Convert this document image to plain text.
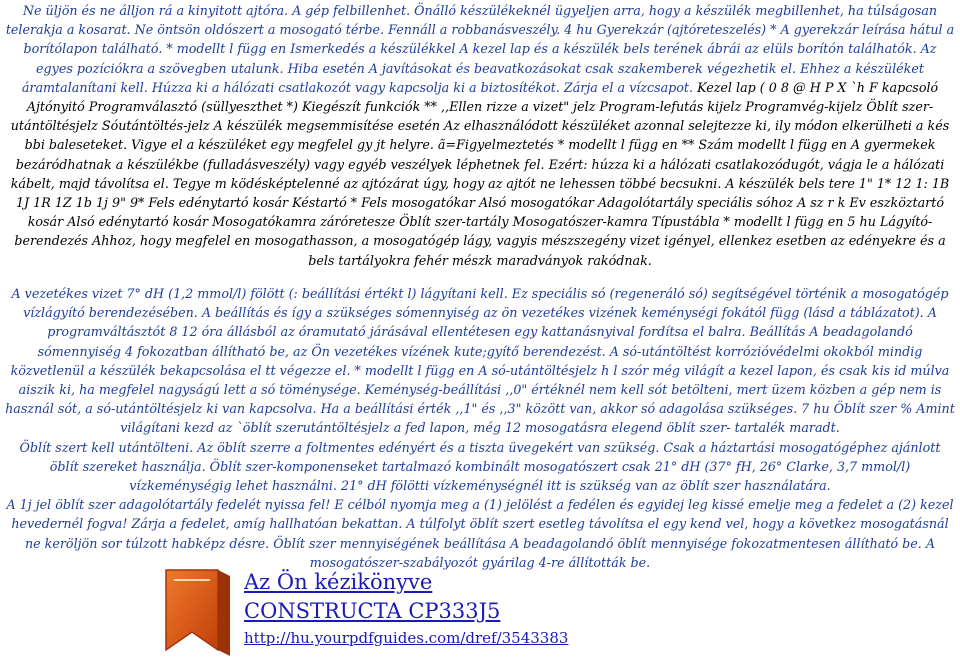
Ne üljön és ne álljon rá a kinyitott ajtóra. A gép felbillenhet. Önálló készülékeknél ügyeljen arra, hogy a készülék megbillenhet, ha túlságosan telerakja a kosarat. Ne öntsön oldószert a mosogató térbe. Fennáll a robbanásveszély. 4 hu Gyerekzár (ajtóreteszelés) * A gyerekzár leírása hátul a borítólapon található. * modellt l függ en Ismerkedés a készülékkel A kezel lap és a készülék bels terének ábrái az elüls borítón találhatók. Az egyes pozíciókra a szövegben utalunk. Hiba esetén A javításokat és beavatkozásokat csak szakemberek végezhetik el. Ehhez a készüléket áramtalanítani kell. Húzza ki a hálózati csatlakozót vagy kapcsolja ki a biztosítékot. Zárja el a vízcsapot. Kezel lap ( 0 8 @ H P X `h F kapcsoló Ajtónyitó Programválasztó (süllyeszthet *) Kiegészít funkciók ** ,,Ellen rizze a vizet" jelz Program-lefutás kijelz Programvég-kijelz Öblít szer-utántöltésjelz Sóutántöltés-jelz A készülék megsemmisítése esetén Az elhasználódott készüléket azonnal selejtezze ki, ily módon elkerülheti a kés bbi baleseteket. Vigye el a készüléket egy megfelel gy jt helyre. ã=Figyelmeztetés * modellt l függ en ** Szám modellt l függ en A gyermekek bezáródhatnak a készülékbe (fulladásveszély) vagy egyéb veszélyek léphetnek fel. Ezért: húzza ki a hálózati csatlakozódugót, vágja le a hálózati kábelt, majd távolítsa el. Tegye m ködésképtelenné az ajtózárat úgy, hogy az ajtót ne lehessen többé becsukni. A készülék bels tere 1" 1* 12 1: 1B 1J 1R 1Z 1b 1j 9" 9* Fels edénytartó kosár Késtartó * Fels mosogatókar Alsó mosogatókar Adagolótartály speciális sóhoz A sz r k Ev eszköztartó kosár Alsó edénytartó kosár Mosogatókamra záróretesze Öblít szer-tartály Mosogatószer-kamra Típustábla * modellt l függ en 5 hu Lágyító-berendezés Ahhoz, hogy megfelel en mosogathasson, a mosogatógép lágy, vagyis mészszegény vizet igényel, ellenkez esetben az edényekre és a bels tartályokra fehér mészk maradványok rakódnak.
A vezetékes vizet 7° dH (1,2 mmol/l) fölött (: beállítási értékt l) lágyítani kell. Ez speciális só (regeneráló só) segítségével történik a mosogatógép vízlágyító berendezésében. A beállítás és így a szükséges sómennyiség az ön vezetékes vizének keménységi fokától függ (lásd a táblázatot). A programváltásztót 8 12 óra állásból az óramutató járásával ellentétesen egy kattanásnyival fordítsa el balra. Beállítás A beadagolandó sómennyiség 4 fokozatban állítható be, az Ön vezetékes vízének kute;gyítő berendezést. A só-utántöltést korrózióvédelmi okokból mindig közvetlenül a készülék bekapcsolása el tt végezze el. * modellt l függ en A só-utántöltésjelz h l szór még világít a kezel lapon, és csak kis id múlva aiszik ki, ha megfelel nagyságú lett a só töménysége. Keménység-beállítási ,,0" értéknél nem kell sót betölteni, mert üzem közben a gép nem is használ sót, a só-utántöltésjelz ki van kapcsolva. Ha a beállítási érték ,,1" és ,,3" között van, akkor só adagolása szükséges. 7 hu Öblít szer % Amint világítani kezd az `öblít szerutántöltésjelz a fed lapon, még 12 mosogatásra elegend öblít szer- tartalék maradt.
Öblít szert kell utántölteni. Az öblít szerre a foltmentes edényért és a tiszta üvegekért van szükség. Csak a háztartási mosogatógéphez ajánlott öblít szereket használja. Öblít szer-komponenseket tartalmazó kombinált mosogatószert csak 21° dH (37° fH, 26° Clarke, 3,7 mmol/l) vízkeménységig lehet használni. 21° dH fölötti vízkeménységnél itt is szükség van az öblít szer használatára.
A 1j jel öblít szer adagolótartály fedelét nyissa fel! E célból nyomja meg a (1) jelölést a fedélen és egyidej leg kissé emelje meg a fedelet a (2) kezel hevedernél fogva! Zárja a fedelet, amíg hallhatóan bekattan. A túlfolyt öblít szert esetleg távolítsa el egy kend vel, hogy a következ mosogatásnál ne keröljön sor túlzott habképz désre. Öblít szer mennyiségének beállítása A beadagolandó öblít mennyisége fokozatmentesen állítható be. A mosogatószer-szabályozót gyárilag 4-re állították be.
Az Ön kézikönyve
CONSTRUCTA CP333J5
http://hu.yourpdfguides.com/dref/3543383
